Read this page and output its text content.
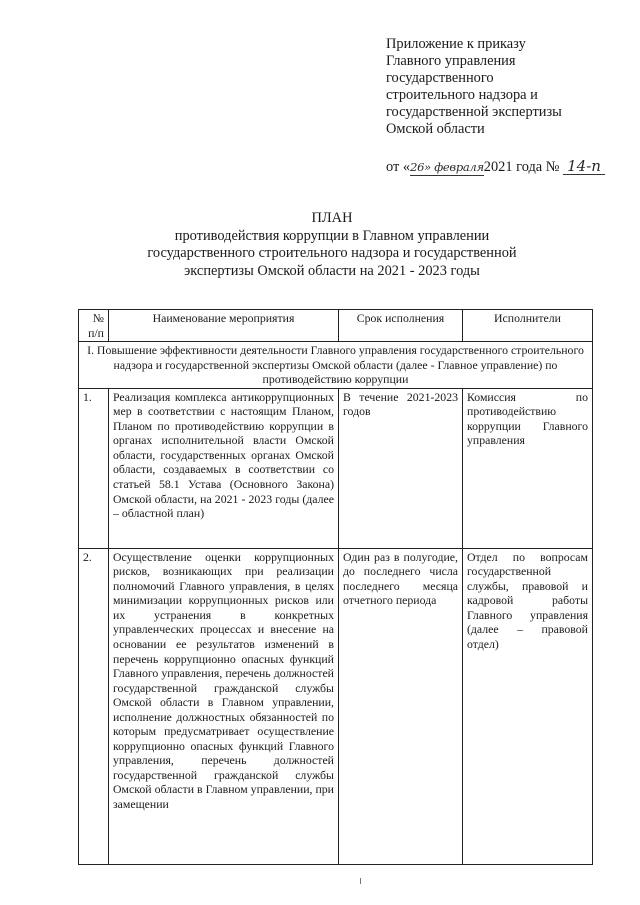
Приложение к приказу
Главного управления
государственного
строительного надзора и
государственной экспертизы
Омской области
от «26» февраля2021 года № 14-п
ПЛАН
противодействия коррупции в Главном управлении
государственного строительного надзора и государственной
экспертизы Омской области на 2021 - 2023 годы
№
п/п	Наименование мероприятия	Срок исполнения	Исполнители
I. Повышение эффективности деятельности Главного управления государственного строительного надзора и государственной экспертизы Омской области (далее - Главное управление) по противодействию коррупции			
1.	Реализация комплекса антикоррупционных мер в соответствии с настоящим Планом, Планом по противодействию коррупции в органах исполнительной власти Омской области, государственных органах Омской области, создаваемых в соответствии со статьей 58.1 Устава (Основного Закона) Омской области, на 2021 - 2023 годы (далее – областной план)	В течение 2021-2023 годов	Комиссия по противодействию коррупции Главного управления
2.	Осуществление оценки коррупционных рисков, возникающих при реализации полномочий Главного управления, в целях минимизации коррупционных рисков или их устранения в конкретных управленческих процессах и внесение на основании ее результатов изменений в перечень коррупционно опасных функций Главного управления, перечень должностей государственной гражданской службы Омской области в Главном управлении, исполнение должностных обязанностей по которым предусматривает осуществление коррупционно опасных функций Главного управления, перечень должностей государственной гражданской службы Омской области в Главном управлении, при замещении	Один раз в полугодие, до последнего числа последнего месяца отчетного периода	Отдел по вопросам государственной службы, правовой и кадровой работы Главного управления (далее – правовой отдел)
